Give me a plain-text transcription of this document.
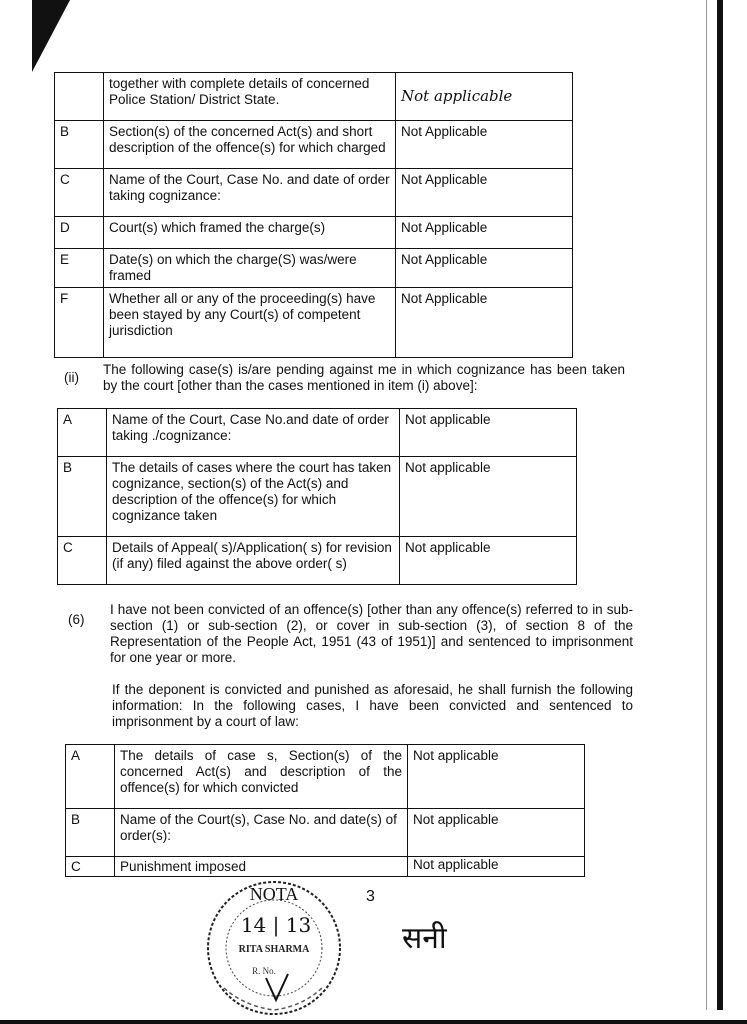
	together with complete details of concerned Police Station/ District State.	Not applicable
B	Section(s) of the concerned Act(s) and short description of the offence(s) for which charged	Not Applicable
C	Name of the Court, Case No. and date of order taking cognizance:	Not Applicable
D	Court(s) which framed the charge(s)	Not Applicable
E	Date(s) on which the charge(S) was/were framed	Not Applicable
F	Whether all or any of the proceeding(s) have been stayed by any Court(s) of competent jurisdiction	Not Applicable
(ii)
The following case(s) is/are pending against me in which cognizance has been taken by the court [other than the cases mentioned in item (i) above]:
A	Name of the Court, Case No.and date of order taking ./cognizance:	Not applicable
B	The details of cases where the court has taken cognizance, section(s) of the Act(s) and description of the offence(s) for which cognizance taken	Not applicable
C	Details of Appeal( s)/Application( s) for revision (if any) filed against the above order( s)	Not applicable
(6)
I have not been convicted of an offence(s) [other than any offence(s) referred to in sub-section (1) or sub-section (2), or cover in sub-section (3), of section 8 of the Representation of the People Act, 1951 (43 of 1951)] and sentenced to imprisonment for one year or more.
If the deponent is convicted and punished as aforesaid, he shall furnish the following information: In the following cases, I have been convicted and sentenced to imprisonment by a court of law:
A	The details of case s, Section(s) of the concerned Act(s) and description of the offence(s) for which convicted	Not applicable
B	Name of the Court(s), Case No. and date(s) of order(s):	Not applicable
C	Punishment imposed	Not applicable
NOTA
14 | 13
RITA SHARMA
R. No.
3
सनी
